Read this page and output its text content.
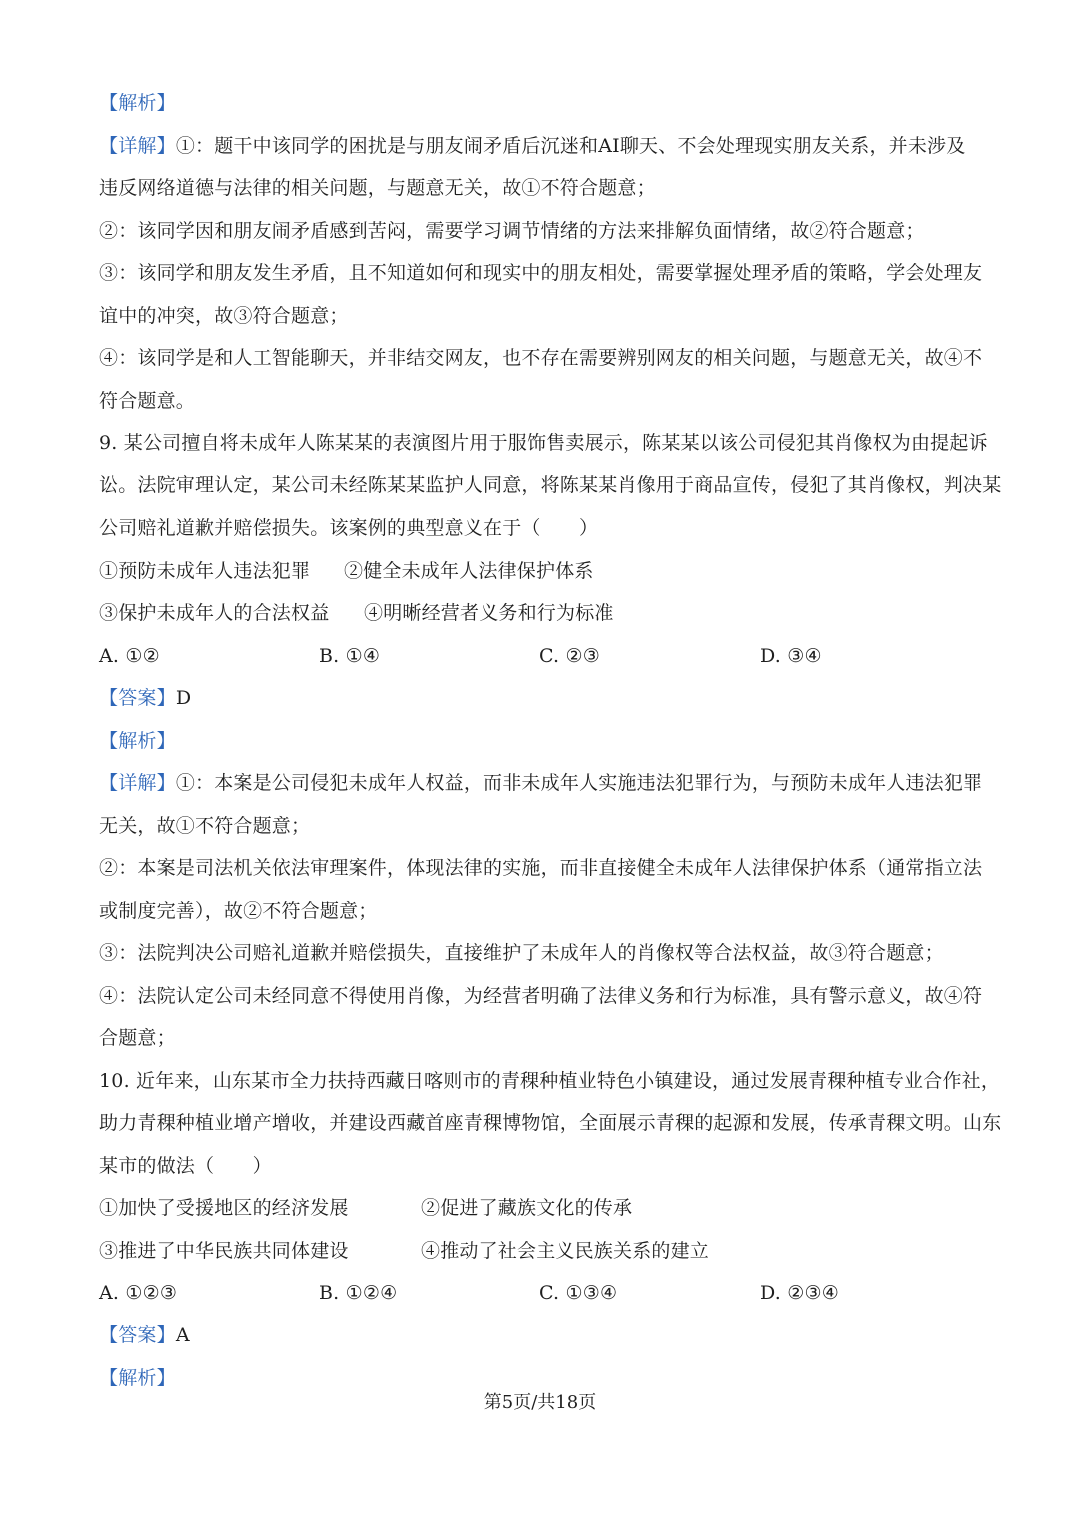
【解析】
【详解】①：题干中该同学的困扰是与朋友闹矛盾后沉迷和AI聊天、不会处理现实朋友关系，并未涉及
违反网络道德与法律的相关问题，与题意无关，故①不符合题意；
②：该同学因和朋友闹矛盾感到苦闷，需要学习调节情绪的方法来排解负面情绪，故②符合题意；
③：该同学和朋友发生矛盾，且不知道如何和现实中的朋友相处，需要掌握处理矛盾的策略，学会处理友
谊中的冲突，故③符合题意；
④：该同学是和人工智能聊天，并非结交网友，也不存在需要辨别网友的相关问题，与题意无关，故④不
符合题意。
9. 某公司擅自将未成年人陈某某的表演图片用于服饰售卖展示，陈某某以该公司侵犯其肖像权为由提起诉
讼。法院审理认定，某公司未经陈某某监护人同意，将陈某某肖像用于商品宣传，侵犯了其肖像权，判决某
公司赔礼道歉并赔偿损失。该案例的典型意义在于（　　）
①预防未成年人违法犯罪 ②健全未成年人法律保护体系
③保护未成年人的合法权益 ④明晰经营者义务和行为标准
A. ①②	B. ①④	C. ②③	D. ③④
【答案】D
【解析】
【详解】①：本案是公司侵犯未成年人权益，而非未成年人实施违法犯罪行为，与预防未成年人违法犯罪
无关，故①不符合题意；
②：本案是司法机关依法审理案件，体现法律的实施，而非直接健全未成年人法律保护体系（通常指立法
或制度完善），故②不符合题意；
③：法院判决公司赔礼道歉并赔偿损失，直接维护了未成年人的肖像权等合法权益，故③符合题意；
④：法院认定公司未经同意不得使用肖像，为经营者明确了法律义务和行为标准，具有警示意义，故④符
合题意；
10. 近年来，山东某市全力扶持西藏日喀则市的青稞种植业特色小镇建设，通过发展青稞种植专业合作社，
助力青稞种植业增产增收，并建设西藏首座青稞博物馆，全面展示青稞的起源和发展，传承青稞文明。山东
某市的做法（　　）
①加快了受援地区的经济发展	②促进了藏族文化的传承
③推进了中华民族共同体建设	④推动了社会主义民族关系的建立
A. ①②③	B. ①②④	C. ①③④	D. ②③④
【答案】A
【解析】
第5页/共18页
